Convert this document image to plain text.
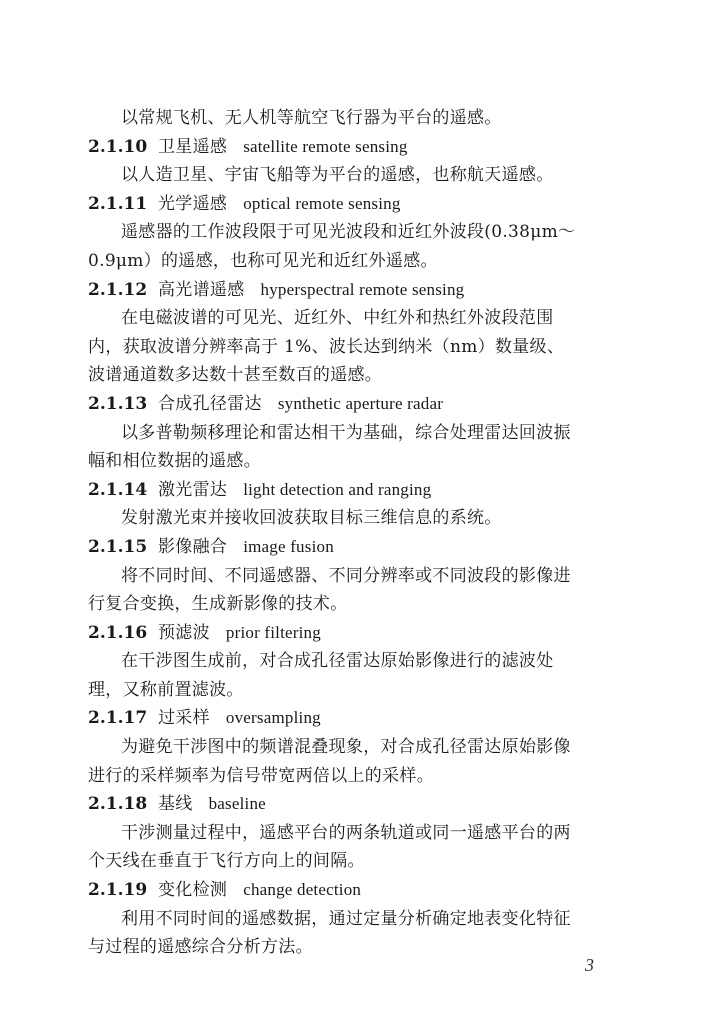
以常规飞机、无人机等航空飞行器为平台的遥感。
2.1.10 卫星遥感 satellite remote sensing
以人造卫星、宇宙飞船等为平台的遥感，也称航天遥感。
2.1.11 光学遥感 optical remote sensing
遥感器的工作波段限于可见光波段和近红外波段(0.38μm～
0.9μm）的遥感，也称可见光和近红外遥感。
2.1.12 高光谱遥感 hyperspectral remote sensing
在电磁波谱的可见光、近红外、中红外和热红外波段范围
内，获取波谱分辨率高于 1%、波长达到纳米（nm）数量级、
波谱通道数多达数十甚至数百的遥感。
2.1.13 合成孔径雷达 synthetic aperture radar
以多普勒频移理论和雷达相干为基础，综合处理雷达回波振
幅和相位数据的遥感。
2.1.14 激光雷达 light detection and ranging
发射激光束并接收回波获取目标三维信息的系统。
2.1.15 影像融合 image fusion
将不同时间、不同遥感器、不同分辨率或不同波段的影像进
行复合变换，生成新影像的技术。
2.1.16 预滤波 prior filtering
在干涉图生成前，对合成孔径雷达原始影像进行的滤波处
理，又称前置滤波。
2.1.17 过采样 oversampling
为避免干涉图中的频谱混叠现象，对合成孔径雷达原始影像
进行的采样频率为信号带宽两倍以上的采样。
2.1.18 基线 baseline
干涉测量过程中，遥感平台的两条轨道或同一遥感平台的两
个天线在垂直于飞行方向上的间隔。
2.1.19 变化检测 change detection
利用不同时间的遥感数据，通过定量分析确定地表变化特征
与过程的遥感综合分析方法。
3
